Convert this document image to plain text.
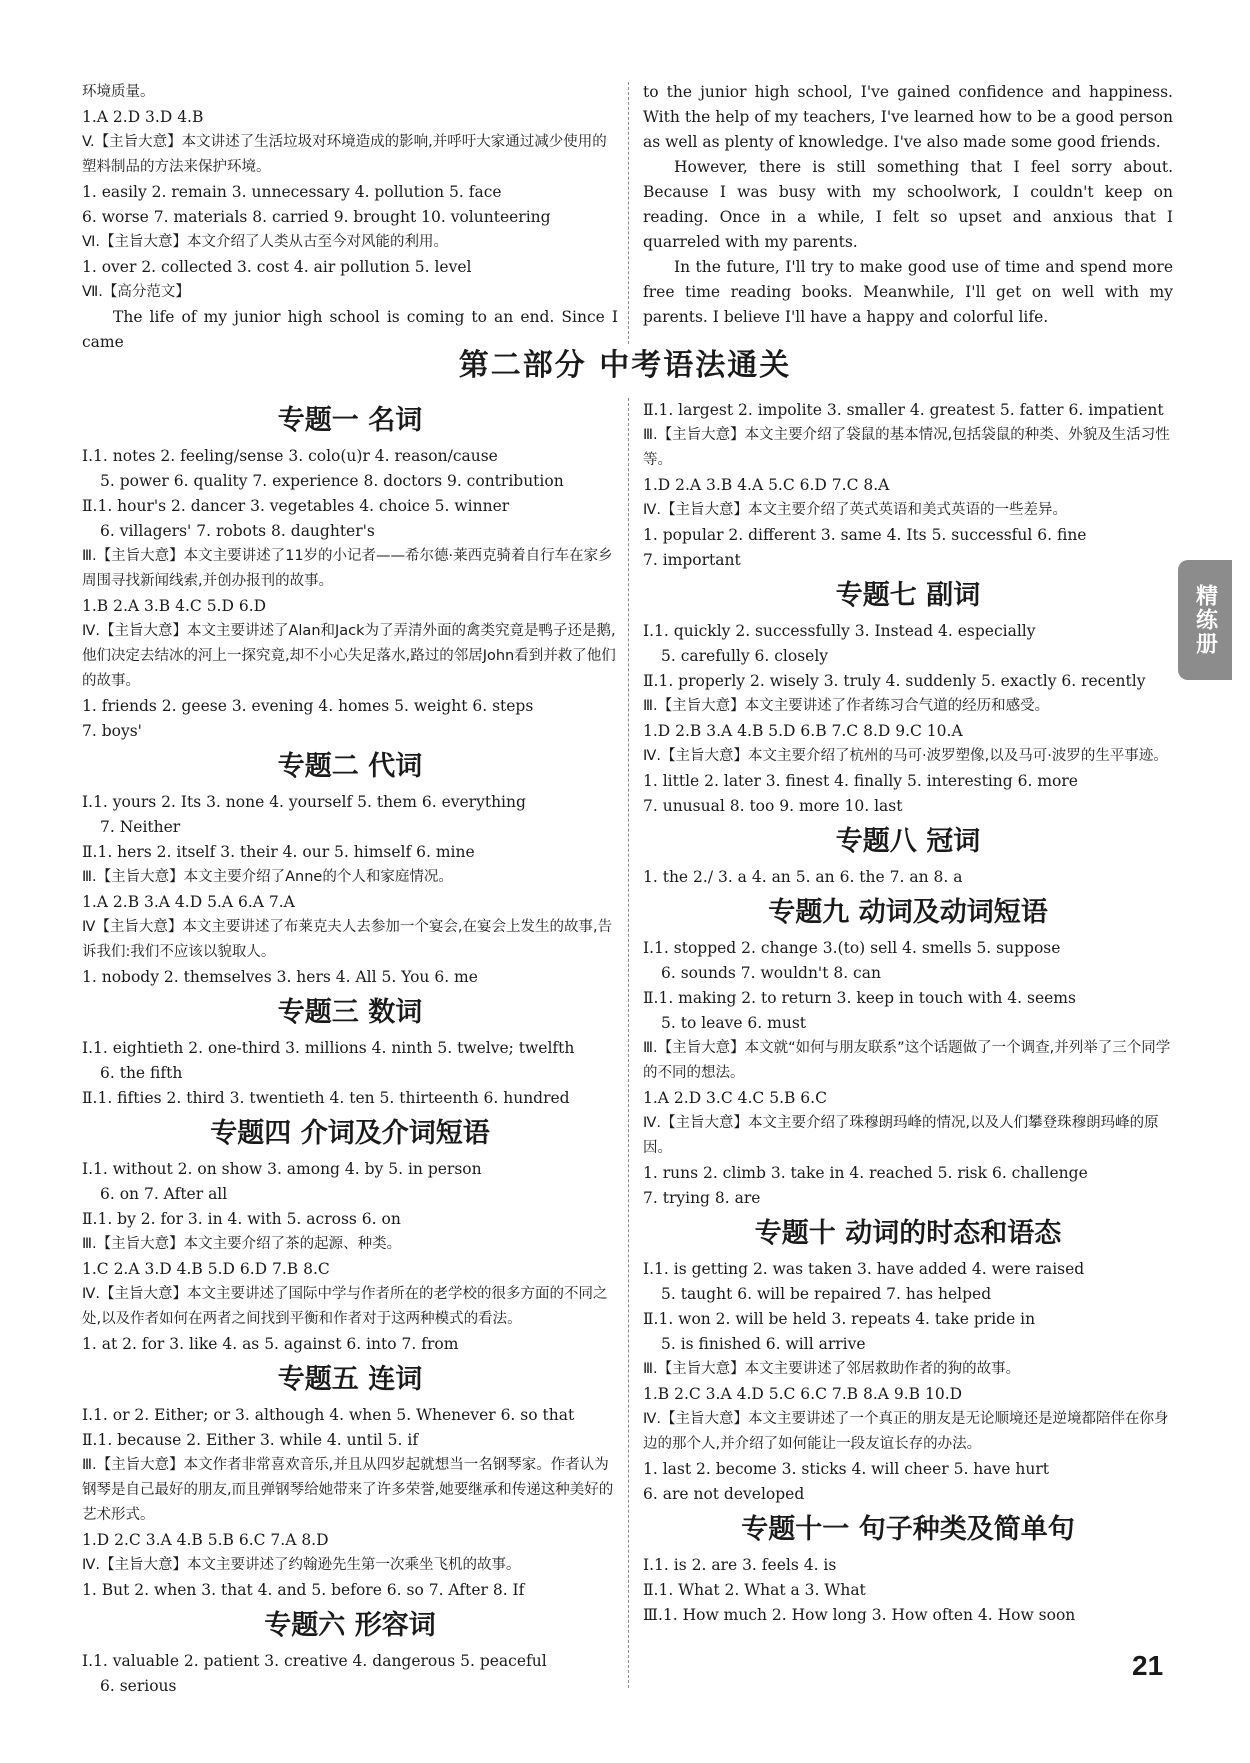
环境质量。
1.A 2.D 3.D 4.B
V.【主旨大意】本文讲述了生活垃圾对环境造成的影响,并呼吁大家通过减少使用的塑料制品的方法来保护环境。
1. easily 2. remain 3. unnecessary 4. pollution 5. face
6. worse 7. materials 8. carried 9. brought 10. volunteering
Ⅵ.【主旨大意】本文介绍了人类从古至今对风能的利用。
1. over 2. collected 3. cost 4. air pollution 5. level
Ⅶ.【高分范文】
The life of my junior high school is coming to an end. Since I came
to the junior high school, I've gained confidence and happiness. With the help of my teachers, I've learned how to be a good person as well as plenty of knowledge. I've also made some good friends.
However, there is still something that I feel sorry about. Because I was busy with my schoolwork, I couldn't keep on reading. Once in a while, I felt so upset and anxious that I quarreled with my parents.
In the future, I'll try to make good use of time and spend more free time reading books. Meanwhile, I'll get on well with my parents. I believe I'll have a happy and colorful life.
第二部分 中考语法通关
专题一 名词
Ⅰ.1. notes 2. feeling/sense 3. colo(u)r 4. reason/cause
5. power 6. quality 7. experience 8. doctors 9. contribution
Ⅱ.1. hour's 2. dancer 3. vegetables 4. choice 5. winner
6. villagers' 7. robots 8. daughter's
Ⅲ.【主旨大意】本文主要讲述了11岁的小记者——希尔德·莱西克骑着自行车在家乡周围寻找新闻线索,并创办报刊的故事。
1.B 2.A 3.B 4.C 5.D 6.D
Ⅳ.【主旨大意】本文主要讲述了Alan和Jack为了弄清外面的禽类究竟是鸭子还是鹅,他们决定去结冰的河上一探究竟,却不小心失足落水,路过的邻居John看到并救了他们的故事。
1. friends 2. geese 3. evening 4. homes 5. weight 6. steps
7. boys'
专题二 代词
Ⅰ.1. yours 2. Its 3. none 4. yourself 5. them 6. everything
7. Neither
Ⅱ.1. hers 2. itself 3. their 4. our 5. himself 6. mine
Ⅲ.【主旨大意】本文主要介绍了Anne的个人和家庭情况。
1.A 2.B 3.A 4.D 5.A 6.A 7.A
Ⅳ【主旨大意】本文主要讲述了布莱克夫人去参加一个宴会,在宴会上发生的故事,告诉我们:我们不应该以貌取人。
1. nobody 2. themselves 3. hers 4. All 5. You 6. me
专题三 数词
Ⅰ.1. eightieth 2. one-third 3. millions 4. ninth 5. twelve; twelfth
6. the fifth
Ⅱ.1. fifties 2. third 3. twentieth 4. ten 5. thirteenth 6. hundred
专题四 介词及介词短语
Ⅰ.1. without 2. on show 3. among 4. by 5. in person
6. on 7. After all
Ⅱ.1. by 2. for 3. in 4. with 5. across 6. on
Ⅲ.【主旨大意】本文主要介绍了茶的起源、种类。
1.C 2.A 3.D 4.B 5.D 6.D 7.B 8.C
Ⅳ.【主旨大意】本文主要讲述了国际中学与作者所在的老学校的很多方面的不同之处,以及作者如何在两者之间找到平衡和作者对于这两种模式的看法。
1. at 2. for 3. like 4. as 5. against 6. into 7. from
专题五 连词
Ⅰ.1. or 2. Either; or 3. although 4. when 5. Whenever 6. so that
Ⅱ.1. because 2. Either 3. while 4. until 5. if
Ⅲ.【主旨大意】本文作者非常喜欢音乐,并且从四岁起就想当一名钢琴家。作者认为钢琴是自己最好的朋友,而且弹钢琴给她带来了许多荣誉,她要继承和传递这种美好的艺术形式。
1.D 2.C 3.A 4.B 5.B 6.C 7.A 8.D
Ⅳ.【主旨大意】本文主要讲述了约翰逊先生第一次乘坐飞机的故事。
1. But 2. when 3. that 4. and 5. before 6. so 7. After 8. If
专题六 形容词
Ⅰ.1. valuable 2. patient 3. creative 4. dangerous 5. peaceful
6. serious
Ⅱ.1. largest 2. impolite 3. smaller 4. greatest 5. fatter 6. impatient
Ⅲ.【主旨大意】本文主要介绍了袋鼠的基本情况,包括袋鼠的种类、外貌及生活习性等。
1.D 2.A 3.B 4.A 5.C 6.D 7.C 8.A
Ⅳ.【主旨大意】本文主要介绍了英式英语和美式英语的一些差异。
1. popular 2. different 3. same 4. Its 5. successful 6. fine
7. important
专题七 副词
Ⅰ.1. quickly 2. successfully 3. Instead 4. especially
5. carefully 6. closely
Ⅱ.1. properly 2. wisely 3. truly 4. suddenly 5. exactly 6. recently
Ⅲ.【主旨大意】本文主要讲述了作者练习合气道的经历和感受。
1.D 2.B 3.A 4.B 5.D 6.B 7.C 8.D 9.C 10.A
Ⅳ.【主旨大意】本文主要介绍了杭州的马可·波罗塑像,以及马可·波罗的生平事迹。
1. little 2. later 3. finest 4. finally 5. interesting 6. more
7. unusual 8. too 9. more 10. last
专题八 冠词
1. the 2./ 3. a 4. an 5. an 6. the 7. an 8. a
专题九 动词及动词短语
Ⅰ.1. stopped 2. change 3.(to) sell 4. smells 5. suppose
6. sounds 7. wouldn't 8. can
Ⅱ.1. making 2. to return 3. keep in touch with 4. seems
5. to leave 6. must
Ⅲ.【主旨大意】本文就“如何与朋友联系”这个话题做了一个调查,并列举了三个同学的不同的想法。
1.A 2.D 3.C 4.C 5.B 6.C
Ⅳ.【主旨大意】本文主要介绍了珠穆朗玛峰的情况,以及人们攀登珠穆朗玛峰的原因。
1. runs 2. climb 3. take in 4. reached 5. risk 6. challenge
7. trying 8. are
专题十 动词的时态和语态
Ⅰ.1. is getting 2. was taken 3. have added 4. were raised
5. taught 6. will be repaired 7. has helped
Ⅱ.1. won 2. will be held 3. repeats 4. take pride in
5. is finished 6. will arrive
Ⅲ.【主旨大意】本文主要讲述了邻居救助作者的狗的故事。
1.B 2.C 3.A 4.D 5.C 6.C 7.B 8.A 9.B 10.D
Ⅳ.【主旨大意】本文主要讲述了一个真正的朋友是无论顺境还是逆境都陪伴在你身边的那个人,并介绍了如何能让一段友谊长存的办法。
1. last 2. become 3. sticks 4. will cheer 5. have hurt
6. are not developed
专题十一 句子种类及简单句
Ⅰ.1. is 2. are 3. feels 4. is
Ⅱ.1. What 2. What a 3. What
Ⅲ.1. How much 2. How long 3. How often 4. How soon
精练册
21
